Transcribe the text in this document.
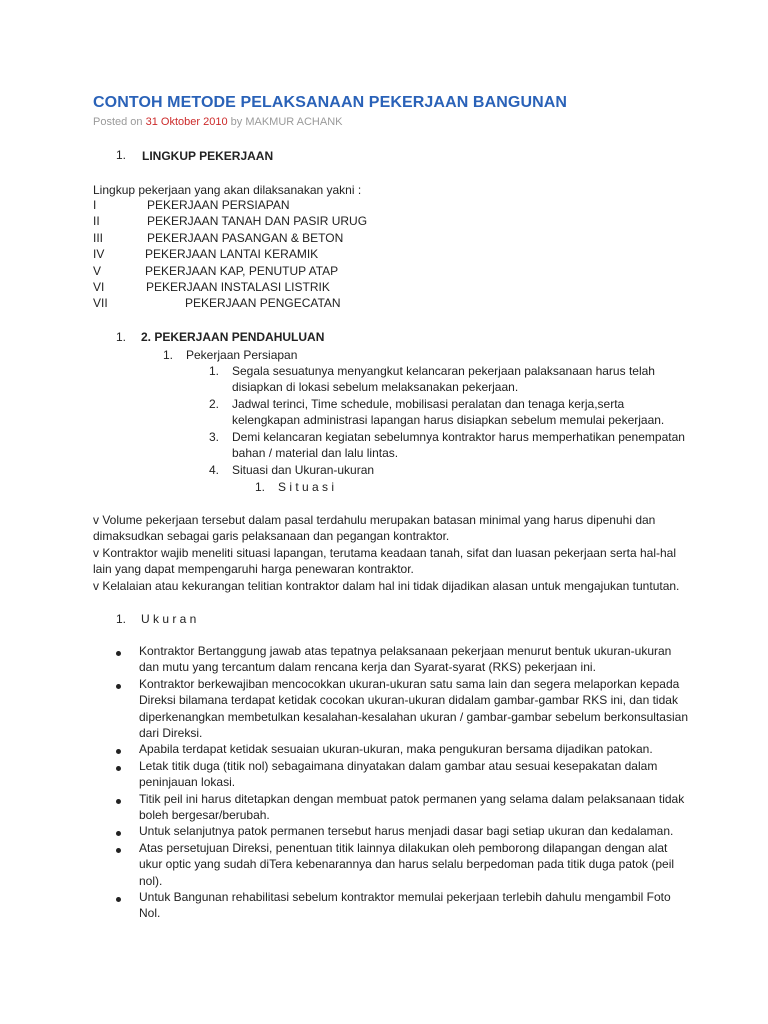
CONTOH METODE PELAKSANAAN PEKERJAAN BANGUNAN
Posted on 31 Oktober 2010 by MAKMUR ACHANK
1. LINGKUP PEKERJAAN
Lingkup pekerjaan yang akan dilaksanakan yakni :
I	PEKERJAAN PERSIAPAN
II	PEKERJAAN TANAH DAN PASIR URUG
III	PEKERJAAN PASANGAN & BETON
IV	PEKERJAAN LANTAI KERAMIK
V	PEKERJAAN KAP, PENUTUP ATAP
VI	PEKERJAAN INSTALASI LISTRIK
VII	PEKERJAAN PENGECATAN
1. 2. PEKERJAAN PENDAHULUAN
1. Pekerjaan Persiapan
1. Segala sesuatunya menyangkut kelancaran pekerjaan palaksanaan harus telah
disiapkan di lokasi sebelum melaksanakan pekerjaan.
2. Jadwal terinci, Time schedule, mobilisasi peralatan dan tenaga kerja,serta
kelengkapan administrasi lapangan harus disiapkan sebelum memulai pekerjaan.
3. Demi kelancaran kegiatan sebelumnya kontraktor harus memperhatikan penempatan
bahan / material dan lalu lintas.
4. Situasi dan Ukuran-ukuran
1. S i t u a s i
v Volume pekerjaan tersebut dalam pasal terdahulu merupakan batasan minimal yang harus dipenuhi dan
dimaksudkan sebagai garis pelaksanaan dan pegangan kontraktor.
v Kontraktor wajib meneliti situasi lapangan, terutama keadaan tanah, sifat dan luasan pekerjaan serta hal-hal
lain yang dapat mempengaruhi harga penewaran kontraktor.
v Kelalaian atau kekurangan telitian kontraktor dalam hal ini tidak dijadikan alasan untuk mengajukan tuntutan.
1. U k u r a n
Kontraktor Bertanggung jawab atas tepatnya pelaksanaan pekerjaan menurut bentuk ukuran-ukuran
dan mutu yang tercantum dalam rencana kerja dan Syarat-syarat (RKS) pekerjaan ini.
Kontraktor berkewajiban mencocokkan ukuran-ukuran satu sama lain dan segera melaporkan kepada
Direksi bilamana terdapat ketidak cocokan ukuran-ukuran didalam gambar-gambar RKS ini, dan tidak
diperkenangkan membetulkan kesalahan-kesalahan ukuran / gambar-gambar sebelum berkonsultasian
dari Direksi.
Apabila terdapat ketidak sesuaian ukuran-ukuran, maka pengukuran bersama dijadikan patokan.
Letak titik duga (titik nol) sebagaimana dinyatakan dalam gambar atau sesuai kesepakatan dalam
peninjauan lokasi.
Titik peil ini harus ditetapkan dengan membuat patok permanen yang selama dalam pelaksanaan tidak
boleh bergesar/berubah.
Untuk selanjutnya patok permanen tersebut harus menjadi dasar bagi setiap ukuran dan kedalaman.
Atas persetujuan Direksi, penentuan titik lainnya dilakukan oleh pemborong dilapangan dengan alat
ukur optic yang sudah diTera kebenarannya dan harus selalu berpedoman pada titik duga patok (peil
nol).
Untuk Bangunan rehabilitasi sebelum kontraktor memulai pekerjaan terlebih dahulu mengambil Foto
Nol.
